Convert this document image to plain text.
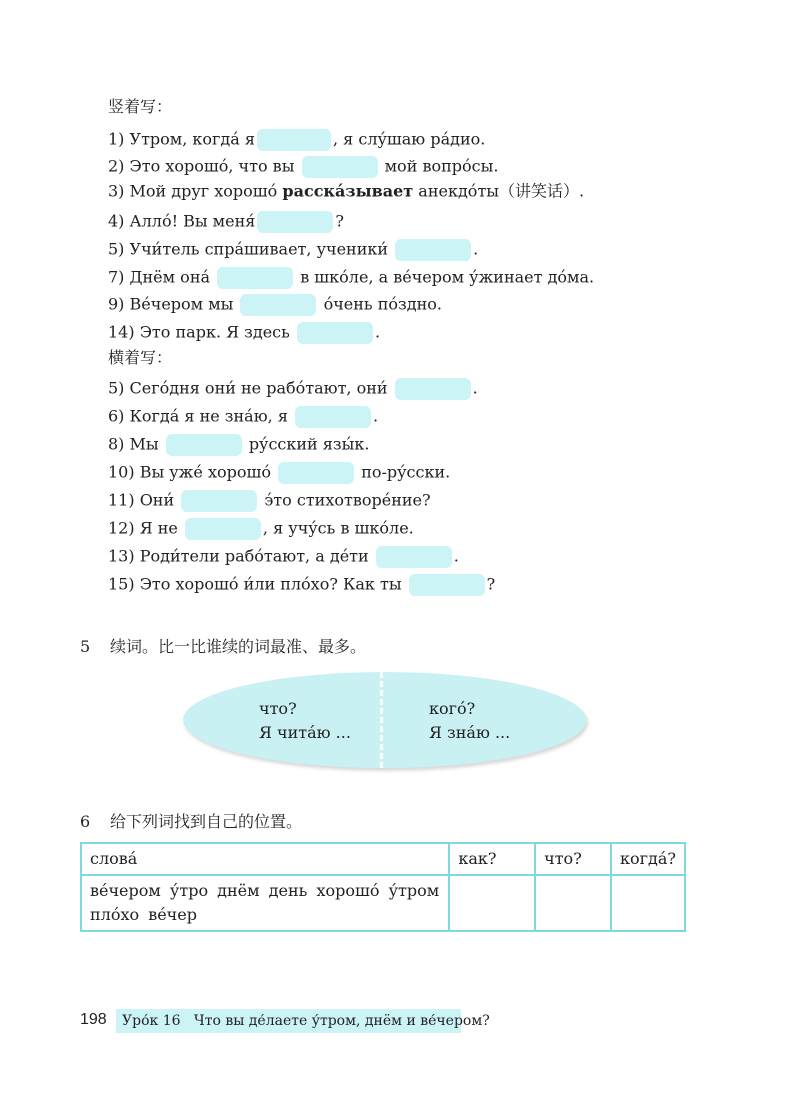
竖着写：
1) Утром, когда́ я	, я слу́шаю ра́дио.
2) Это хорошо́, что вы	мой вопро́сы.
3) Мой друг хорошо́ расска́зывает анекдо́ты（讲笑话）.
4) Алло́! Вы меня́	?
5) Учи́тель спра́шивает, ученики́	.
7) Днём она́	в шко́ле, а ве́чером у́жинает до́ма.
9) Ве́чером мы	о́чень по́здно.
14) Это парк. Я здесь	.
横着写：
5) Сего́дня они́ не рабо́тают, они́	.
6) Когда́ я не зна́ю, я	.
8) Мы	ру́сский язы́к.
10) Вы уже́ хорошо́	по-ру́сски.
11) Они́	э́то стихотворе́ние?
12) Я не	, я учу́сь в шко́ле.
13) Роди́тели рабо́тают, а де́ти	.
15) Это хорошо́ и́ли пло́хо? Как ты	?
5 续词。比一比谁续的词最准、最多。
что?
Я чита́ю ...
кого́?
Я зна́ю ...
6 给下列词找到自己的位置。
слова́	как?	что?	когда́?

ве́чером у́тро днём день хорошо́ у́тром
пло́хо ве́чер			

198	Уро́к 16 Что вы де́лаете у́тром, днём и ве́чером?
